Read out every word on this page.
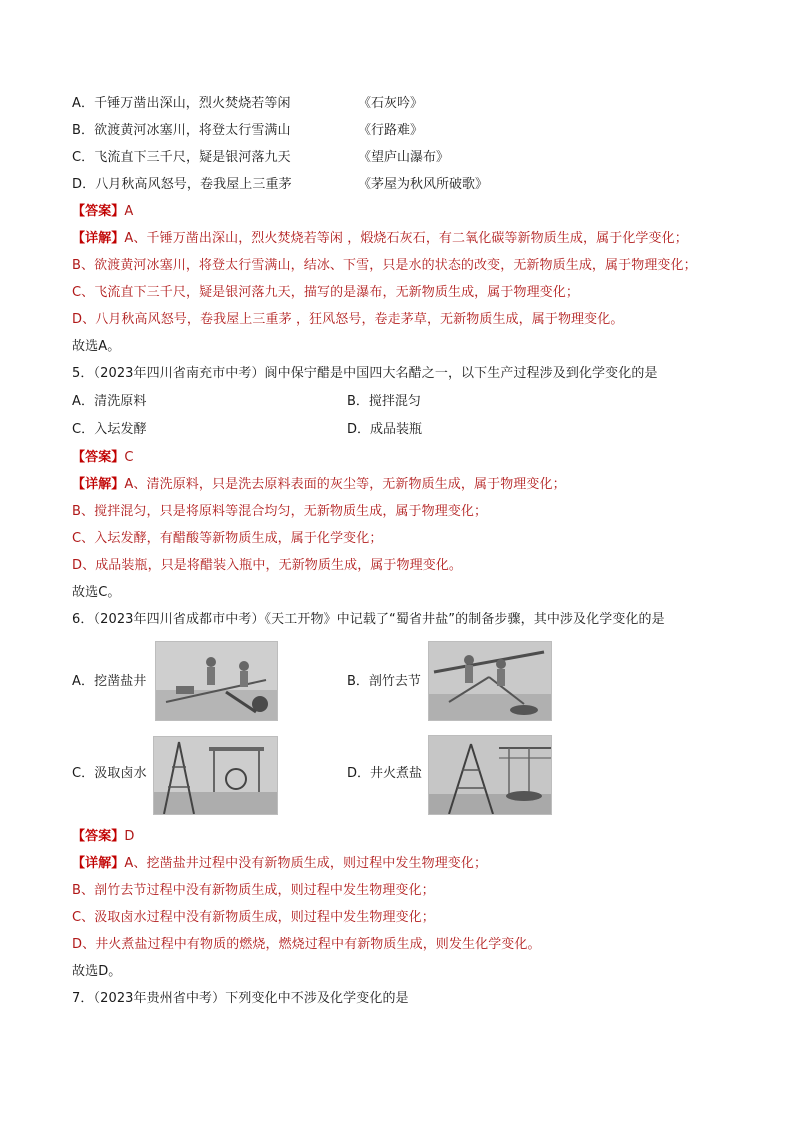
A．千锤万凿出深山，烈火焚烧若等闲	《石灰吟》
B．欲渡黄河冰塞川，将登太行雪满山	《行路难》
C．飞流直下三千尺，疑是银河落九天	《望庐山瀑布》
D．八月秋高风怒号，卷我屋上三重茅	《茅屋为秋风所破歌》
【答案】A
【详解】A、千锤万凿出深山，烈火焚烧若等闲 ，煅烧石灰石，有二氧化碳等新物质生成，属于化学变化；
B、欲渡黄河冰塞川，将登太行雪满山，结冰、下雪，只是水的状态的改变，无新物质生成，属于物理变化；
C、飞流直下三千尺，疑是银河落九天，描写的是瀑布，无新物质生成，属于物理变化；
D、八月秋高风怒号，卷我屋上三重茅 ，狂风怒号，卷走茅草，无新物质生成，属于物理变化。
故选A。
5．（2023年四川省南充市中考）阆中保宁醋是中国四大名醋之一，以下生产过程涉及到化学变化的是
A．清洗原料	B．搅拌混匀
C．入坛发酵	D．成品装瓶
【答案】C
【详解】A、清洗原料，只是洗去原料表面的灰尘等，无新物质生成，属于物理变化；
B、搅拌混匀，只是将原料等混合均匀，无新物质生成，属于物理变化；
C、入坛发酵，有醋酸等新物质生成，属于化学变化；
D、成品装瓶，只是将醋装入瓶中，无新物质生成，属于物理变化。
故选C。
6．（2023年四川省成都市中考）《天工开物》中记载了“蜀省井盐”的制备步骤，其中涉及化学变化的是
A．挖凿盐井	B．剖竹去节
C．汲取卤水	D．井火煮盐
【答案】D
【详解】A、挖凿盐井过程中没有新物质生成，则过程中发生物理变化；
B、剖竹去节过程中没有新物质生成，则过程中发生物理变化；
C、汲取卤水过程中没有新物质生成，则过程中发生物理变化；
D、井火煮盐过程中有物质的燃烧，燃烧过程中有新物质生成，则发生化学变化。
故选D。
7．（2023年贵州省中考）下列变化中不涉及化学变化的是
